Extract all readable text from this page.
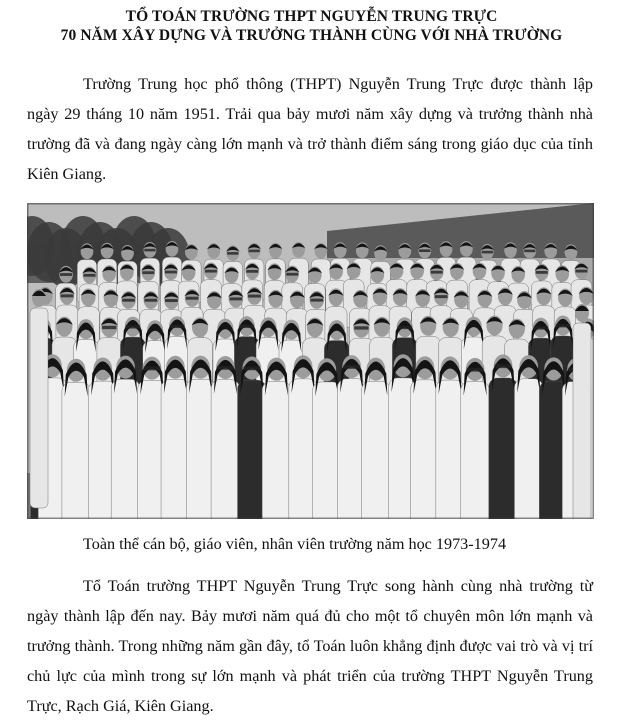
TỔ TOÁN TRƯỜNG THPT NGUYỄN TRUNG TRỰC
70 NĂM XÂY DỰNG VÀ TRƯỞNG THÀNH CÙNG VỚI NHÀ TRƯỜNG
Trường Trung học phổ thông (THPT) Nguyễn Trung Trực được thành lập ngày 29 tháng 10 năm 1951. Trải qua bảy mươi năm xây dựng và trưởng thành nhà trường đã và đang ngày càng lớn mạnh và trở thành điểm sáng trong giáo dục của tỉnh Kiên Giang.
Toàn thể cán bộ, giáo viên, nhân viên trường năm học 1973-1974
Tổ Toán trường THPT Nguyễn Trung Trực song hành cùng nhà trường từ ngày thành lập đến nay. Bảy mươi năm quá đủ cho một tổ chuyên môn lớn mạnh và trưởng thành. Trong những năm gần đây, tổ Toán luôn khẳng định được vai trò và vị trí chủ lực của mình trong sự lớn mạnh và phát triển của trường THPT Nguyễn Trung Trực, Rạch Giá, Kiên Giang.
